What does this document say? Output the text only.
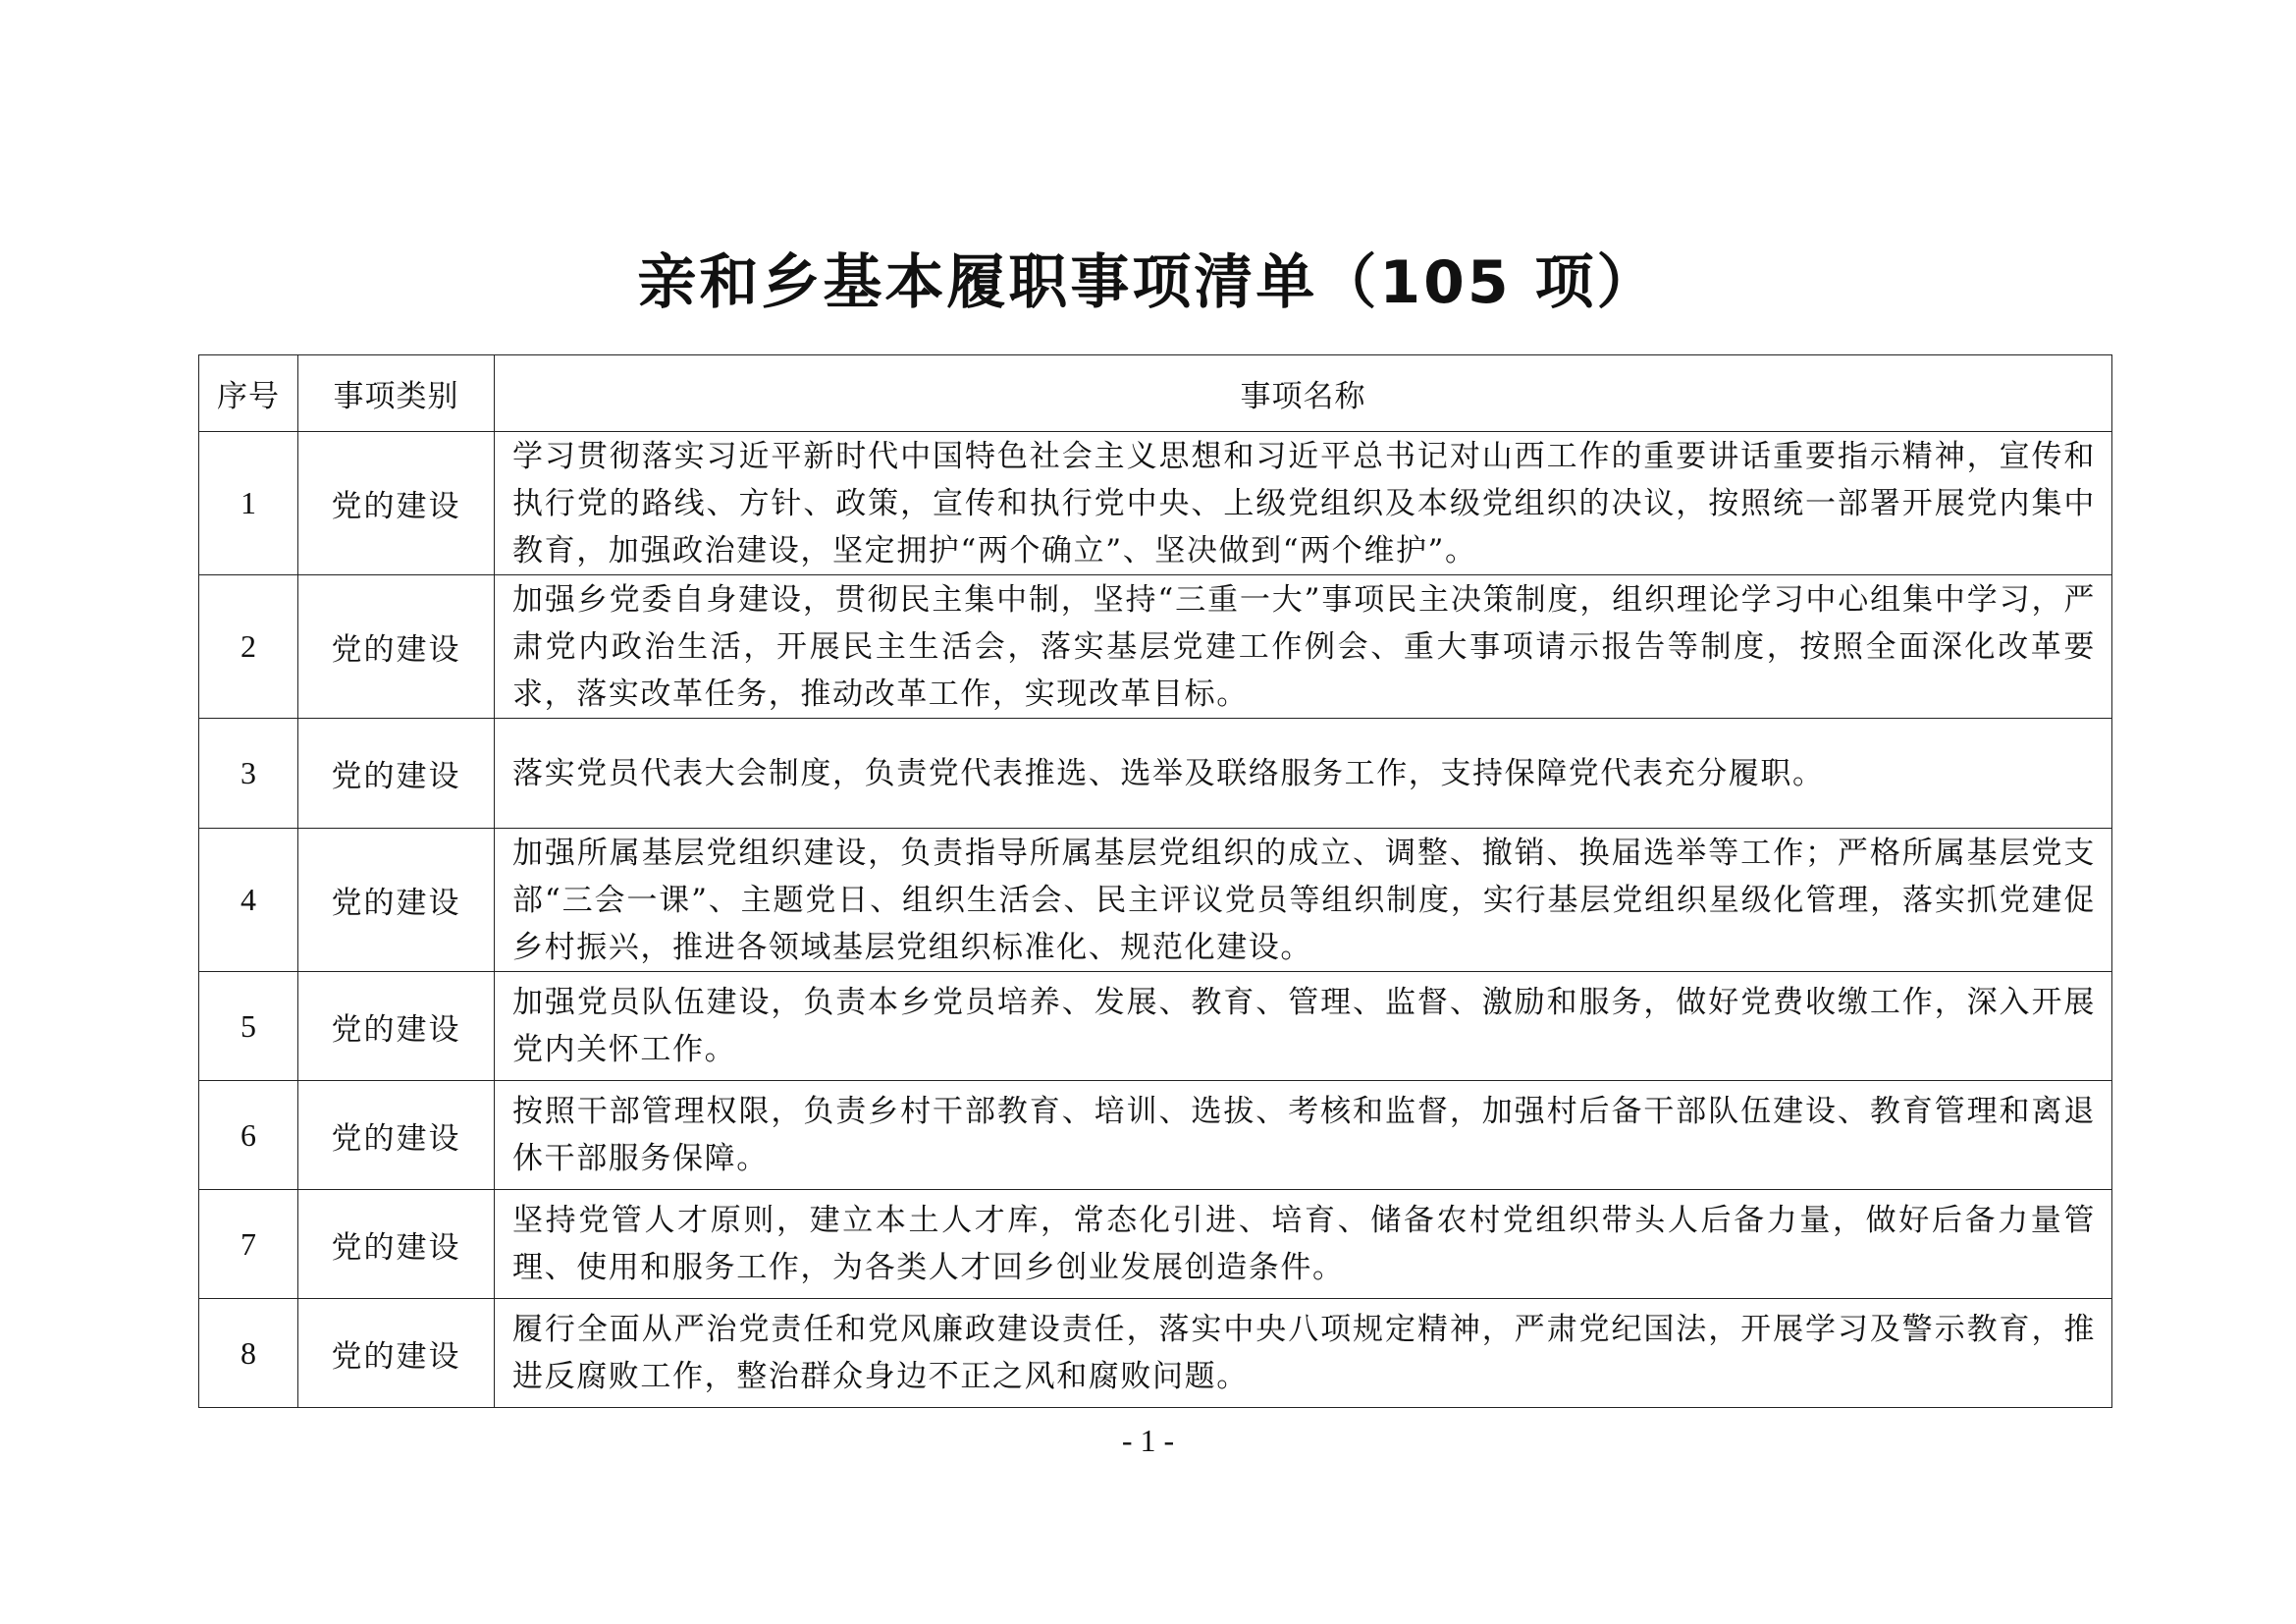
亲和乡基本履职事项清单（105 项）
序号	事项类别	事项名称
1	党的建设	学习贯彻落实习近平新时代中国特色社会主义思想和习近平总书记对山西工作的重要讲话重要指示精神，宣传和执行党的路线、方针、政策，宣传和执行党中央、上级党组织及本级党组织的决议，按照统一部署开展党内集中教育，加强政治建设，坚定拥护“两个确立”、坚决做到“两个维护”。
2	党的建设	加强乡党委自身建设，贯彻民主集中制，坚持“三重一大”事项民主决策制度，组织理论学习中心组集中学习，严肃党内政治生活，开展民主生活会，落实基层党建工作例会、重大事项请示报告等制度，按照全面深化改革要求，落实改革任务，推动改革工作，实现改革目标。
3	党的建设	落实党员代表大会制度，负责党代表推选、选举及联络服务工作，支持保障党代表充分履职。
4	党的建设	加强所属基层党组织建设，负责指导所属基层党组织的成立、调整、撤销、换届选举等工作；严格所属基层党支部“三会一课”、主题党日、组织生活会、民主评议党员等组织制度，实行基层党组织星级化管理，落实抓党建促乡村振兴，推进各领域基层党组织标准化、规范化建设。
5	党的建设	加强党员队伍建设，负责本乡党员培养、发展、教育、管理、监督、激励和服务，做好党费收缴工作，深入开展党内关怀工作。
6	党的建设	按照干部管理权限，负责乡村干部教育、培训、选拔、考核和监督，加强村后备干部队伍建设、教育管理和离退休干部服务保障。
7	党的建设	坚持党管人才原则，建立本土人才库，常态化引进、培育、储备农村党组织带头人后备力量，做好后备力量管理、使用和服务工作，为各类人才回乡创业发展创造条件。
8	党的建设	履行全面从严治党责任和党风廉政建设责任，落实中央八项规定精神，严肃党纪国法，开展学习及警示教育，推进反腐败工作，整治群众身边不正之风和腐败问题。
- 1 -
